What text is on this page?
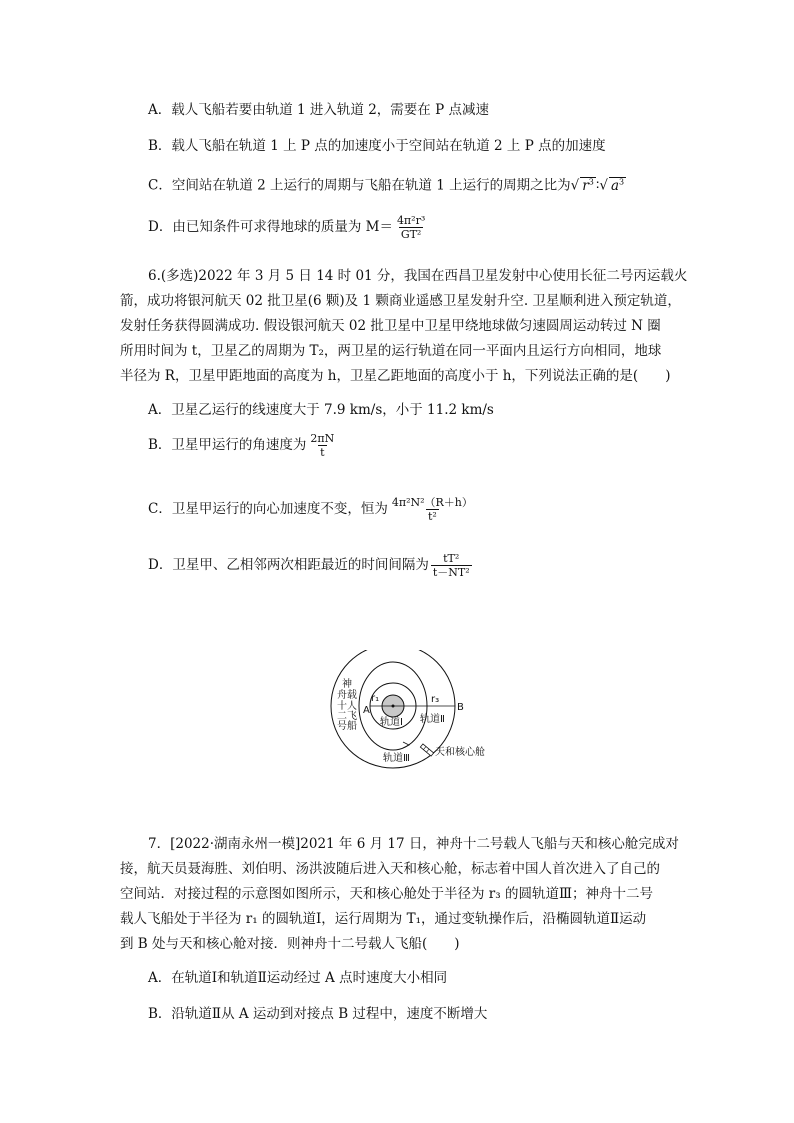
A．载人飞船若要由轨道 1 进入轨道 2，需要在 P 点减速
B．载人飞船在轨道 1 上 P 点的加速度小于空间站在轨道 2 上 P 点的加速度
C．空间站在轨道 2 上运行的周期与飞船在轨道 1 上运行的周期之比为√ $r^3$ ∶√ $a^3$
D．由已知条件可求得地球的质量为 $M= \frac{\text{4π²r³}}{\text{GT²}}$
6.(多选)2022 年 3 月 5 日 14 时 01 分，我国在西昌卫星发射中心使用长征二号丙运载火
箭，成功将银河航天 02 批卫星(6 颗)及 1 颗商业遥感卫星发射升空. 卫星顺利进入预定轨道，
发射任务获得圆满成功. 假设银河航天 02 批卫星中卫星甲绕地球做匀速圆周运动转过 N 圈
所用时间为 t，卫星乙的周期为 T₂，两卫星的运行轨道在同一平面内且运行方向相同，地球
半径为 R，卫星甲距地面的高度为 h，卫星乙距地面的高度小于 h，下列说法正确的是(　　)
A．卫星乙运行的线速度大于 7.9 km/s，小于 11.2 km/s
B．卫星甲运行的角速度为 $\frac{2\pi N}{t}$
C．卫星甲运行的向心加速度不变，恒为 $\frac{\text{4π²N²（R＋h）}}{\text{t²}}$
D．卫星甲、乙相邻两次相距最近的时间间隔为 $\frac{\text{tT²}}{\text{t－NT²}}$
神
舟载
十人
二飞
号船
A	B
r₁	r₃
轨道Ⅰ 轨道Ⅱ
轨道Ⅲ
天和核心舱
7．[2022·湖南永州一模]2021 年 6 月 17 日，神舟十二号载人飞船与天和核心舱完成对
接，航天员聂海胜、刘伯明、汤洪波随后进入天和核心舱，标志着中国人首次进入了自己的
空间站．对接过程的示意图如图所示，天和核心舱处于半径为 r₃ 的圆轨道Ⅲ；神舟十二号
载人飞船处于半径为 r₁ 的圆轨道Ⅰ，运行周期为 T₁，通过变轨操作后，沿椭圆轨道Ⅱ运动
到 B 处与天和核心舱对接．则神舟十二号载人飞船(　　)
A．在轨道Ⅰ和轨道Ⅱ运动经过 A 点时速度大小相同
B．沿轨道Ⅱ从 A 运动到对接点 B 过程中，速度不断增大
